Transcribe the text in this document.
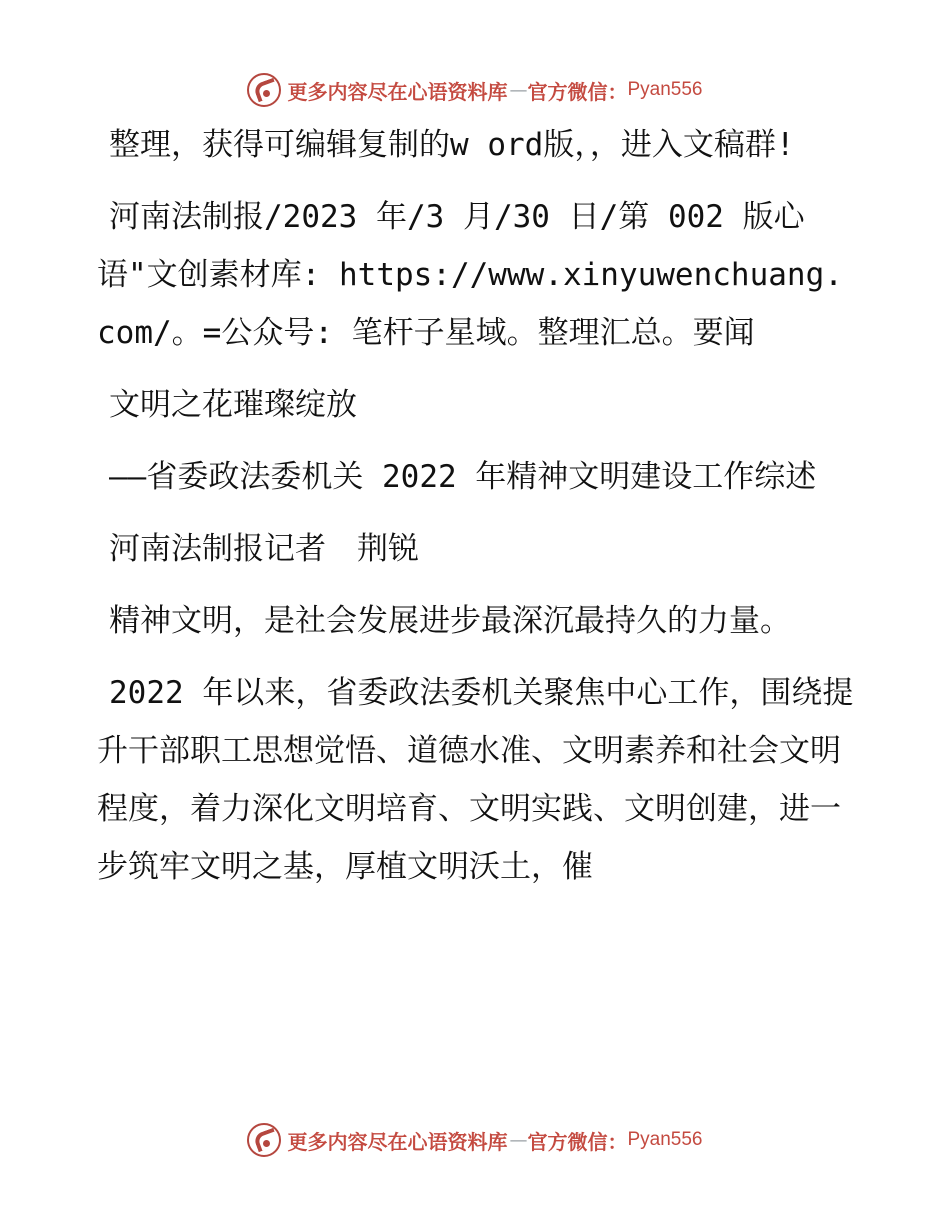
更多内容尽在心语资料库 — 官方微信： Pyan556

整理，获得可编辑复制的w ord版，，进入文稿群!

河南法制报/2023 年/3 月/30 日/第 002 版心语"文创素材库: https://www.xinyuwenchuang.com/。=公众号: 笔杆子星域。整理汇总。要闻

文明之花璀璨绽放

——省委政法委机关 2022 年精神文明建设工作综述

河南法制报记者　荆锐

精神文明，是社会发展进步最深沉最持久的力量。

2022 年以来，省委政法委机关聚焦中心工作，围绕提升干部职工思想觉悟、道德水准、文明素养和社会文明程度，着力深化文明培育、文明实践、文明创建，进一步筑牢文明之基，厚植文明沃土，催

更多内容尽在心语资料库 — 官方微信： Pyan556
